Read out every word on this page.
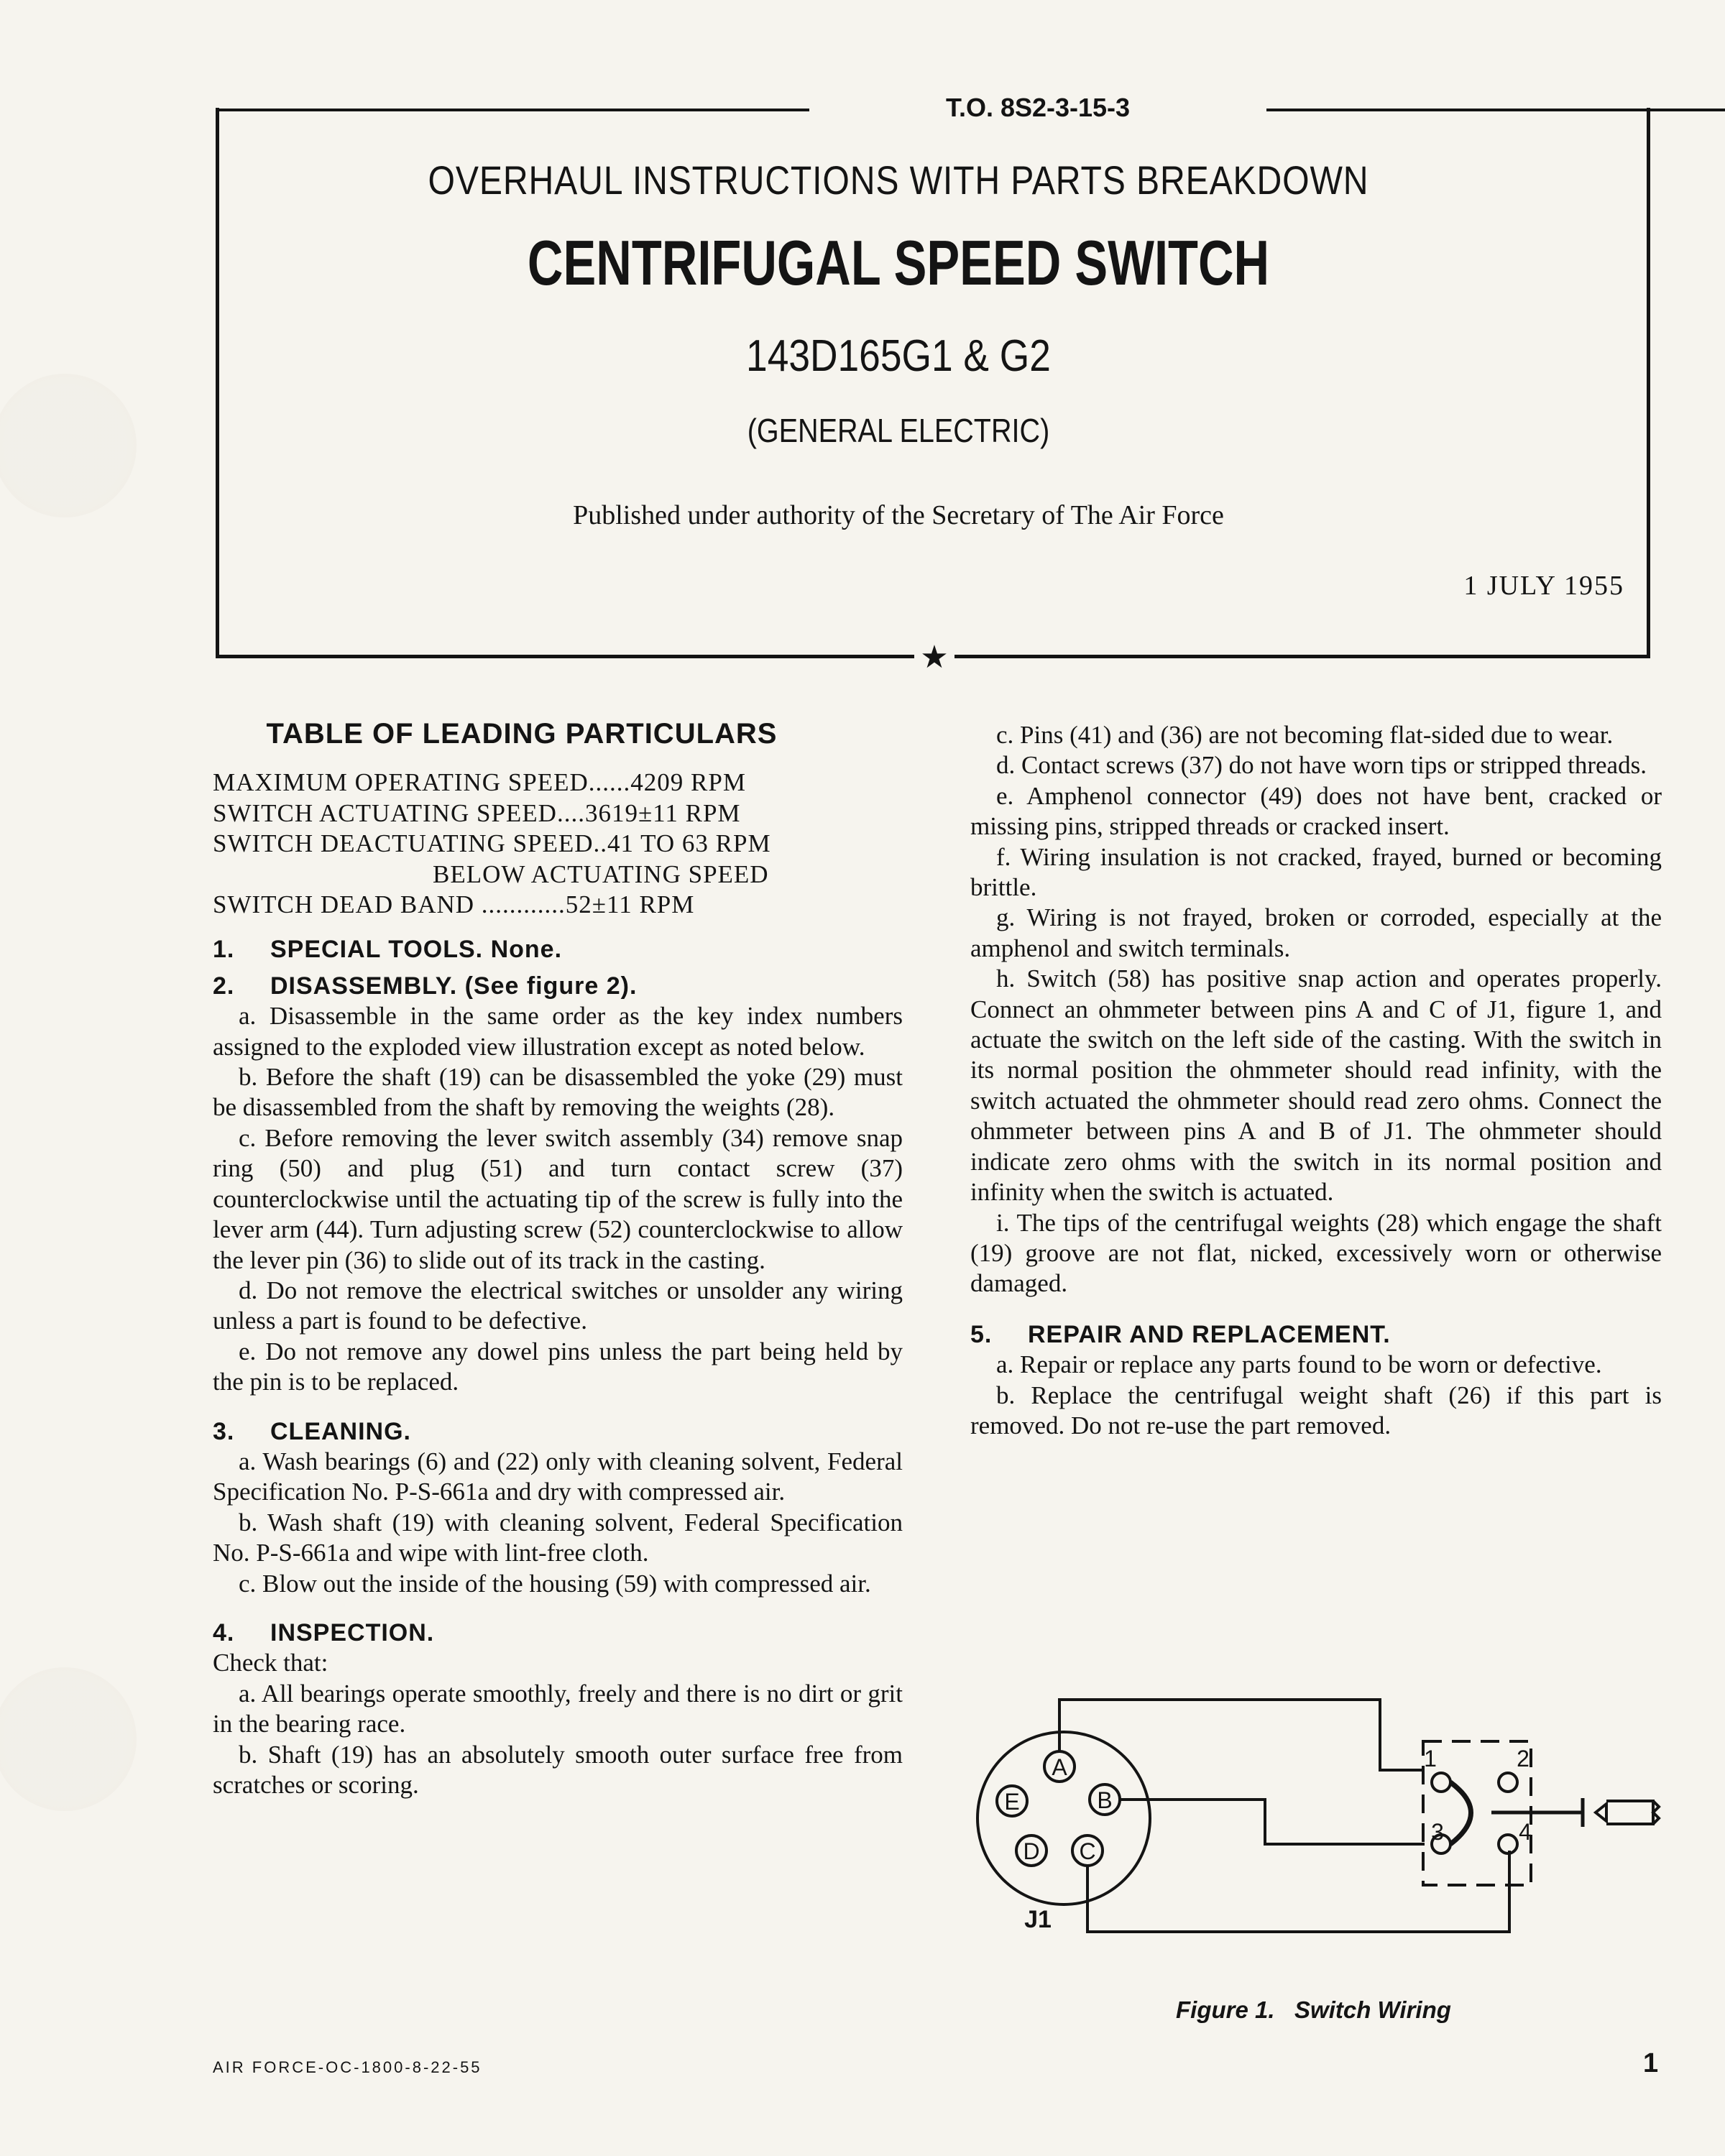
T.O. 8S2-3-15-3
OVERHAUL INSTRUCTIONS WITH PARTS BREAKDOWN
CENTRIFUGAL SPEED SWITCH
143D165G1 & G2
(GENERAL ELECTRIC)
Published under authority of the Secretary of The Air Force
1 JULY 1955
★
TABLE OF LEADING PARTICULARS

MAXIMUM OPERATING SPEED......4209 RPM

SWITCH ACTUATING SPEED....3619±11 RPM

SWITCH DEACTUATING SPEED..41 TO 63 RPM

BELOW ACTUATING SPEED

SWITCH DEAD BAND ............52±11 RPM

1. SPECIAL TOOLS. None.
2. DISASSEMBLY. (See figure 2).

a. Disassemble in the same order as the key index numbers assigned to the exploded view illustration except as noted below.

b. Before the shaft (19) can be disassembled the yoke (29) must be disassembled from the shaft by removing the weights (28).

c. Before removing the lever switch assembly (34) remove snap ring (50) and plug (51) and turn contact screw (37) counterclockwise until the actuating tip of the screw is fully into the lever arm (44). Turn adjusting screw (52) counterclockwise to allow the lever pin (36) to slide out of its track in the casting.

d. Do not remove the electrical switches or unsolder any wiring unless a part is found to be defective.

e. Do not remove any dowel pins unless the part being held by the pin is to be replaced.

3. CLEANING.

a. Wash bearings (6) and (22) only with cleaning solvent, Federal Specification No. P-S-661a and dry with compressed air.

b. Wash shaft (19) with cleaning solvent, Federal Specification No. P-S-661a and wipe with lint-free cloth.

c. Blow out the inside of the housing (59) with compressed air.

4. INSPECTION.

Check that:

a. All bearings operate smoothly, freely and there is no dirt or grit in the bearing race.

b. Shaft (19) has an absolutely smooth outer surface free from scratches or scoring.

c. Pins (41) and (36) are not becoming flat-sided due to wear.

d. Contact screws (37) do not have worn tips or stripped threads.

e. Amphenol connector (49) does not have bent, cracked or missing pins, stripped threads or cracked insert.

f. Wiring insulation is not cracked, frayed, burned or becoming brittle.

g. Wiring is not frayed, broken or corroded, especially at the amphenol and switch terminals.

h. Switch (58) has positive snap action and operates properly. Connect an ohmmeter between pins A and C of J1, figure 1, and actuate the switch on the left side of the casting. With the switch in its normal position the ohmmeter should read infinity, with the switch actuated the ohmmeter should read zero ohms. Connect the ohmmeter between pins A and B of J1. The ohmmeter should indicate zero ohms with the switch in its normal position and infinity when the switch is actuated.

i. The tips of the centrifugal weights (28) which engage the shaft (19) groove are not flat, nicked, excessively worn or otherwise damaged.

5. REPAIR AND REPLACEMENT.

a. Repair or replace any parts found to be worn or defective.

b. Replace the centrifugal weight shaft (26) if this part is removed. Do not re-use the part removed.

A
B
C
D
E
J1
1	2
3	4
Figure 1.   Switch Wiring
AIR FORCE-OC-1800-8-22-55	1
